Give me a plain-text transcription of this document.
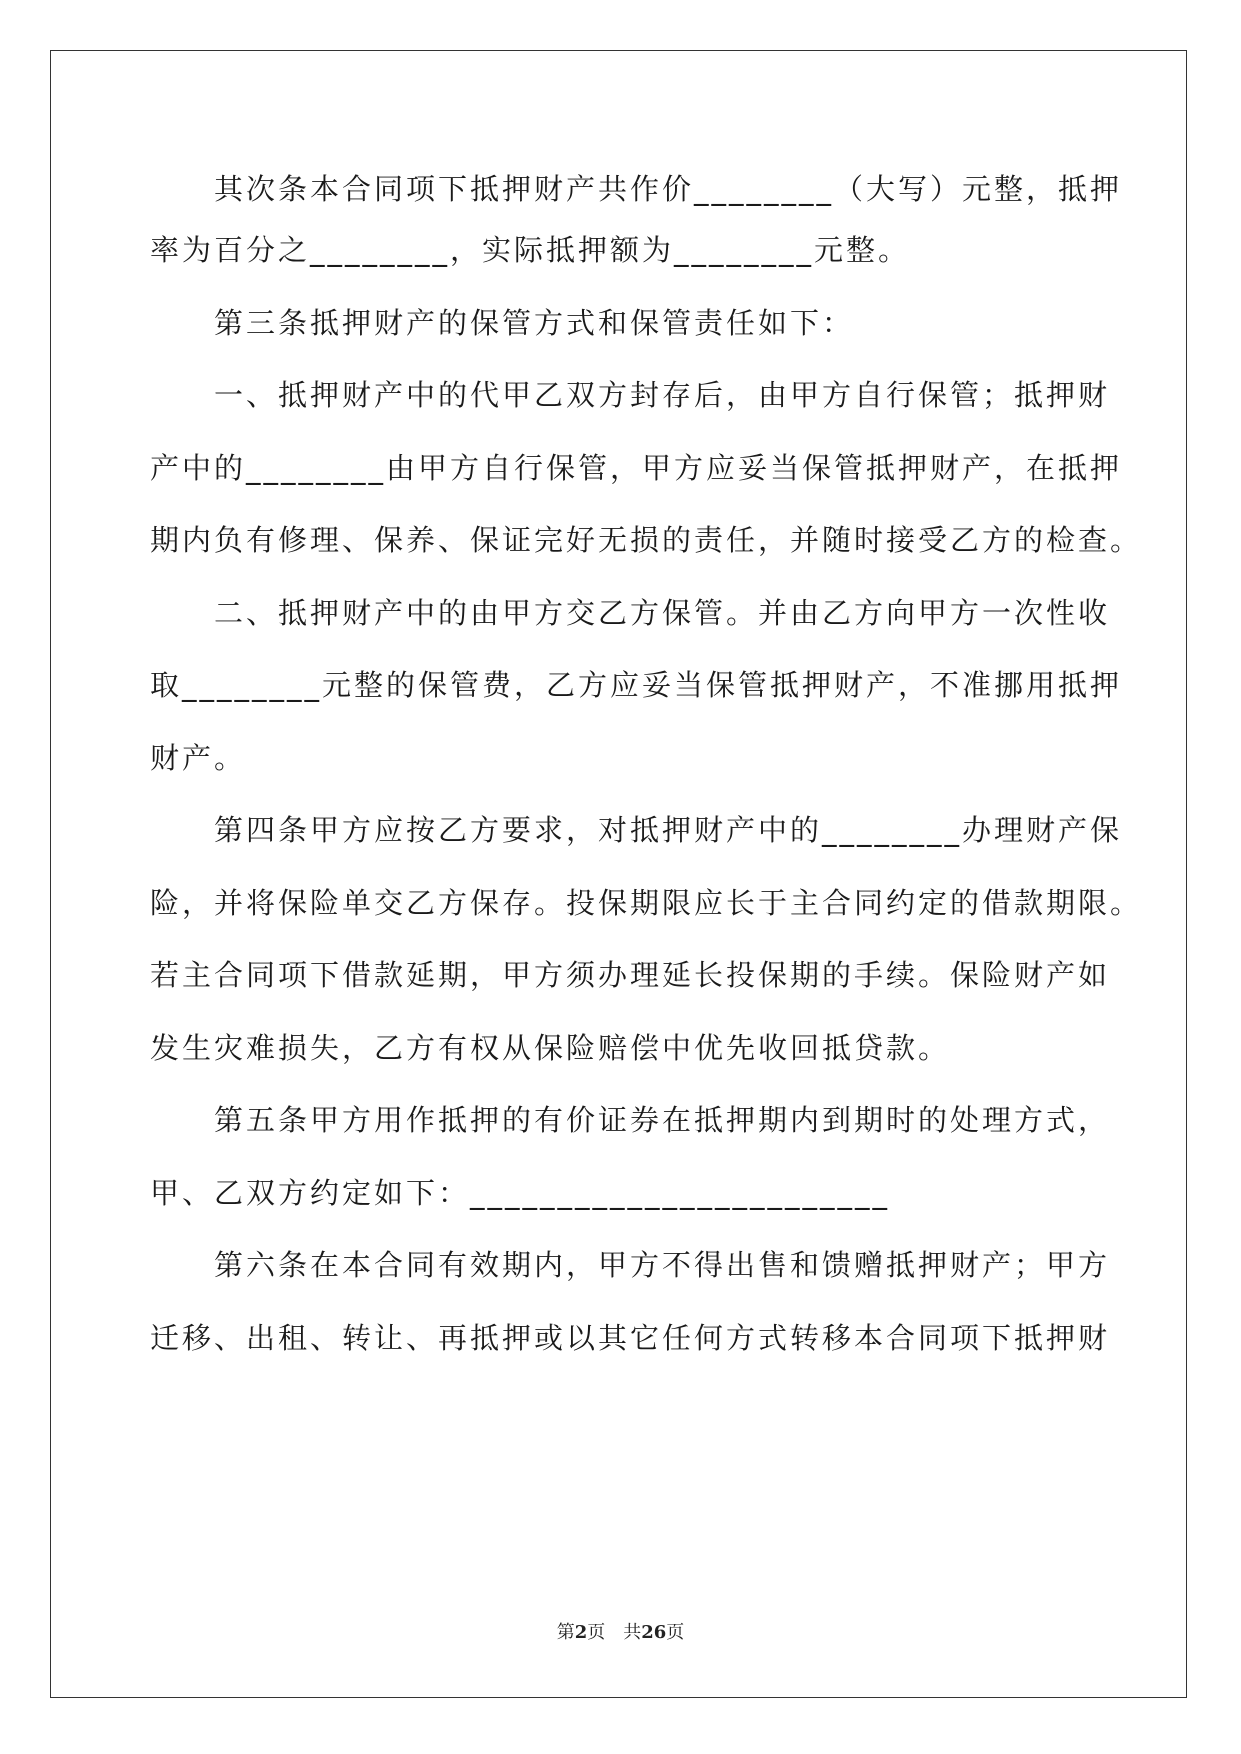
其次条本合同项下抵押财产共作价________（大写）元整，抵押
率为百分之________，实际抵押额为________元整。
第三条抵押财产的保管方式和保管责任如下：
一、抵押财产中的代甲乙双方封存后，由甲方自行保管；抵押财
产中的________由甲方自行保管，甲方应妥当保管抵押财产，在抵押
期内负有修理、保养、保证完好无损的责任，并随时接受乙方的检查。
二、抵押财产中的由甲方交乙方保管。并由乙方向甲方一次性收
取________元整的保管费，乙方应妥当保管抵押财产，不准挪用抵押
财产。
第四条甲方应按乙方要求，对抵押财产中的________办理财产保
险，并将保险单交乙方保存。投保期限应长于主合同约定的借款期限。
若主合同项下借款延期，甲方须办理延长投保期的手续。保险财产如
发生灾难损失，乙方有权从保险赔偿中优先收回抵贷款。
第五条甲方用作抵押的有价证券在抵押期内到期时的处理方式，
甲、乙双方约定如下：________________________
第六条在本合同有效期内，甲方不得出售和馈赠抵押财产；甲方
迁移、出租、转让、再抵押或以其它任何方式转移本合同项下抵押财
第2页　共26页
